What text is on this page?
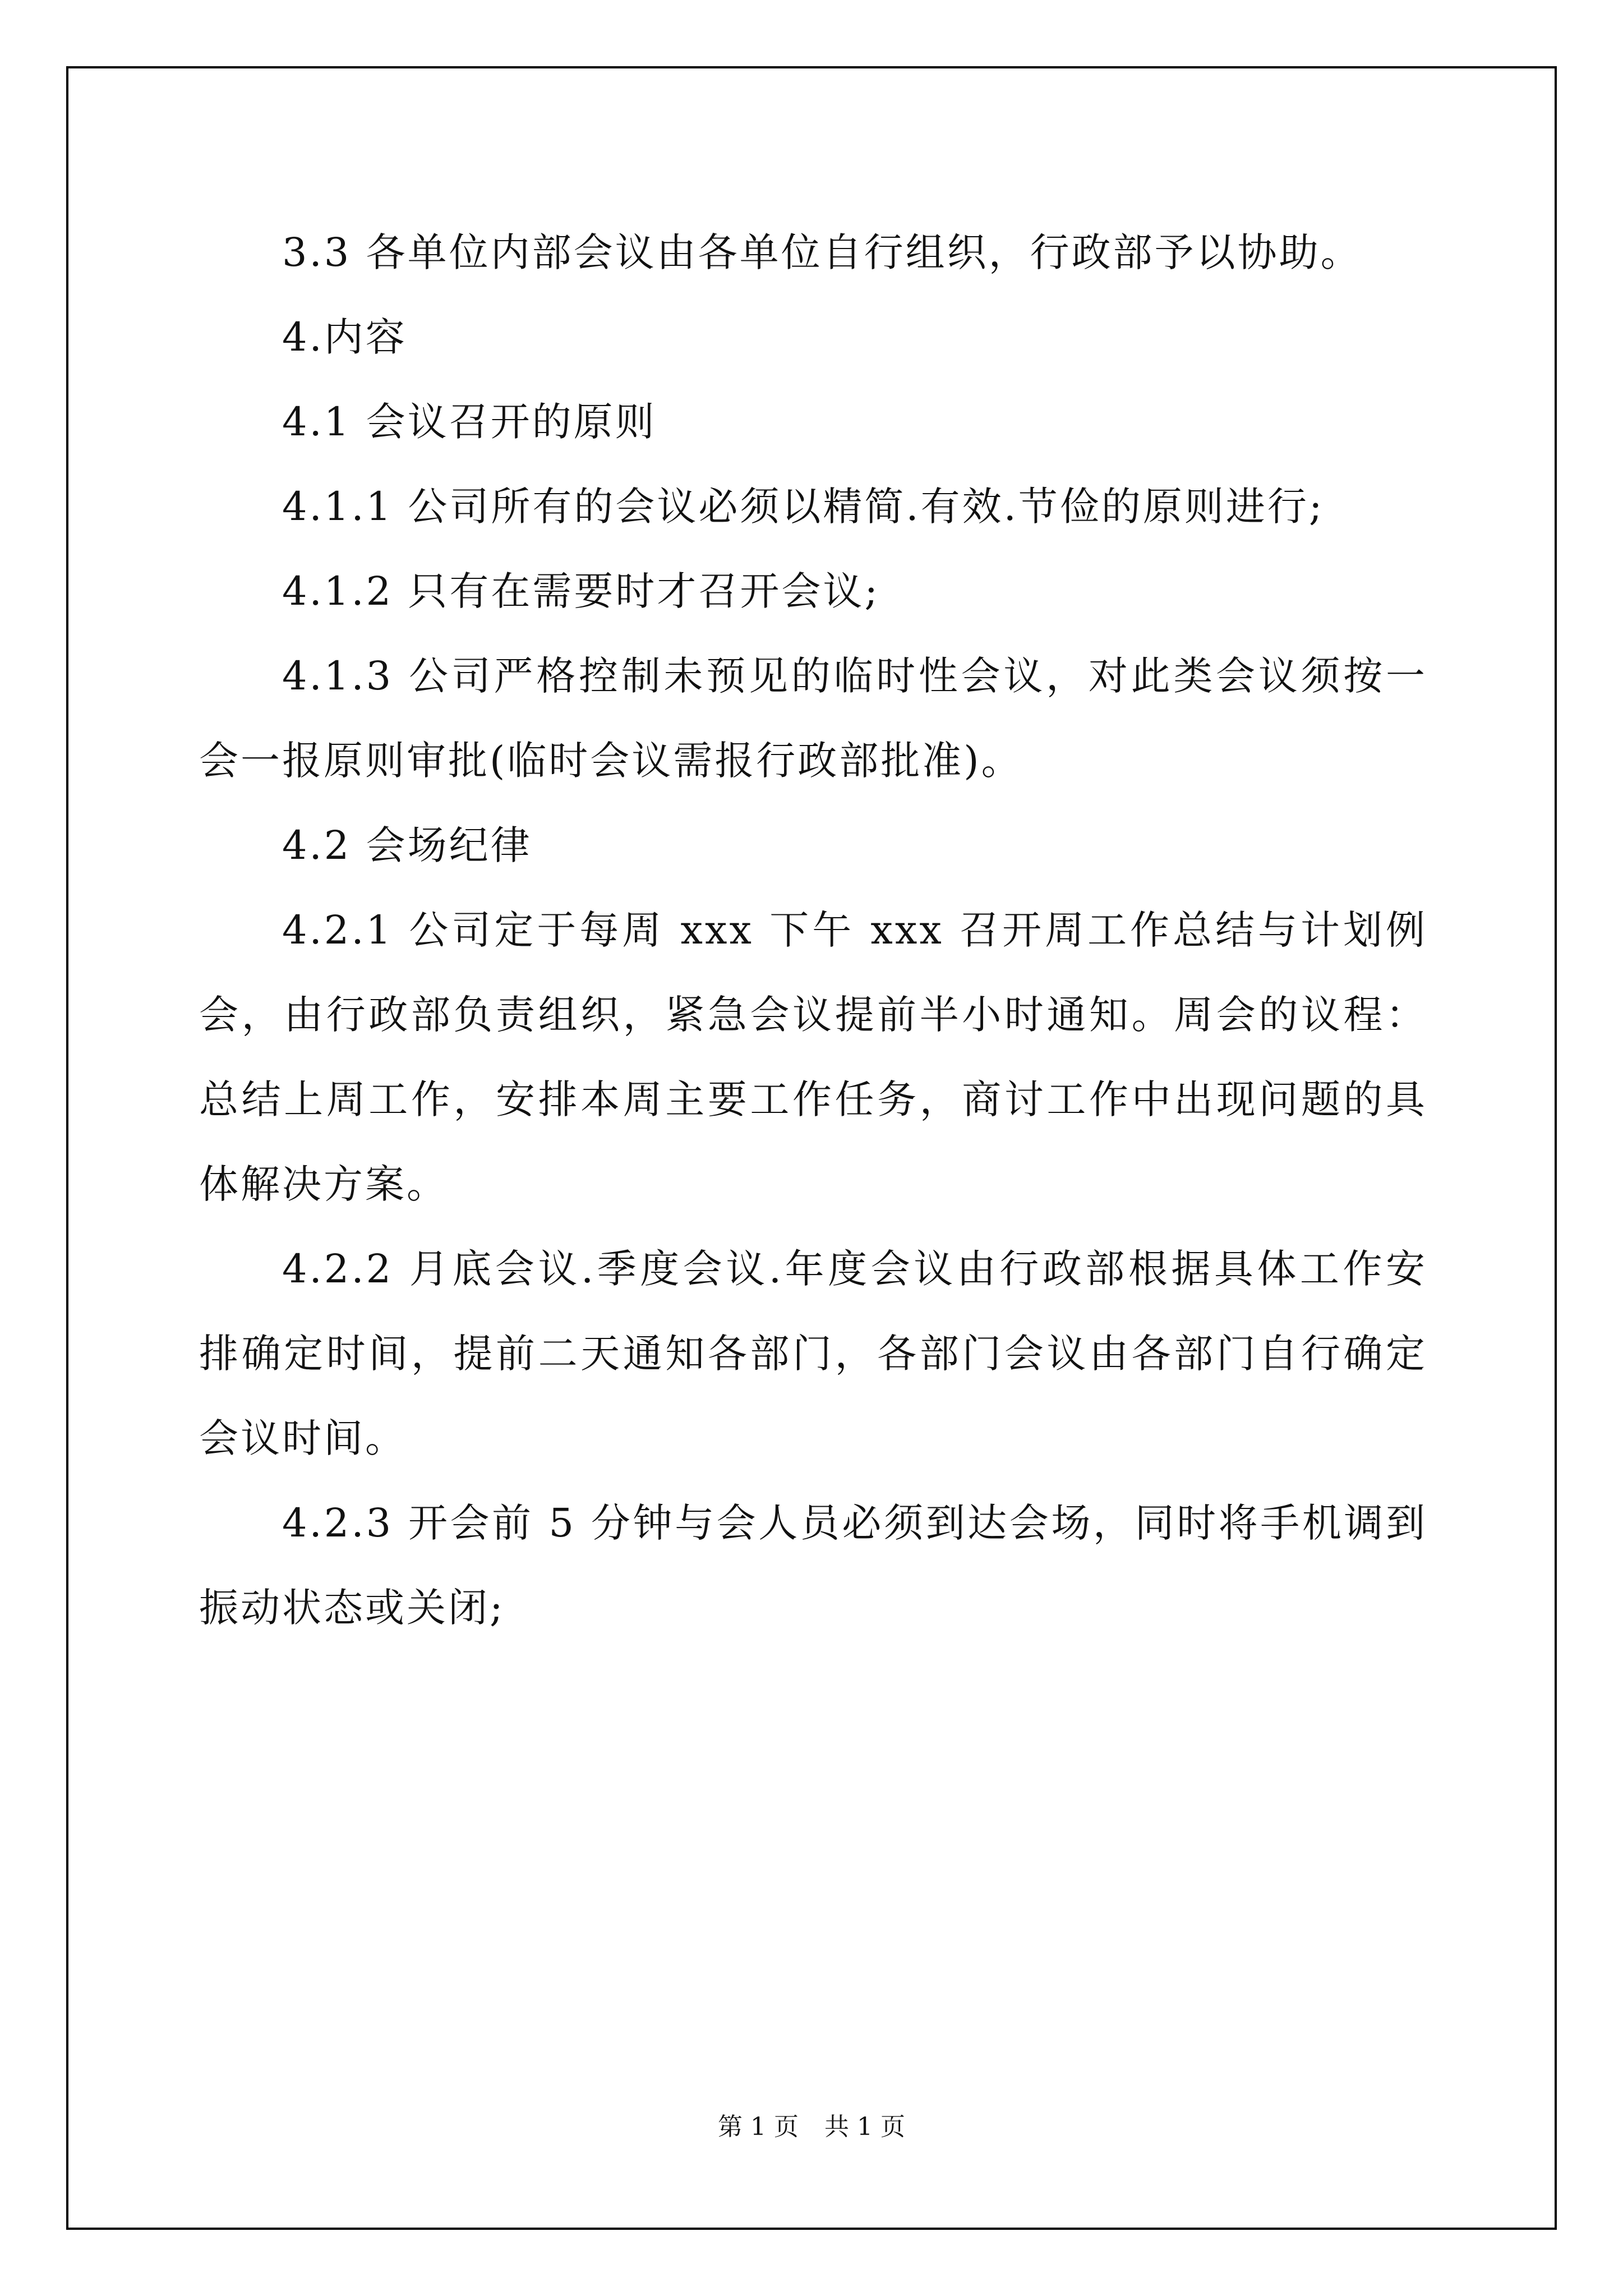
3.3 各单位内部会议由各单位自行组织，行政部予以协助。

4.内容

4.1 会议召开的原则

4.1.1 公司所有的会议必须以精简.有效.节俭的原则进行;

4.1.2 只有在需要时才召开会议;

4.1.3 公司严格控制未预见的临时性会议，对此类会议须按一会一报原则审批(临时会议需报行政部批准)。

4.2 会场纪律

4.2.1 公司定于每周 xxx 下午 xxx 召开周工作总结与计划例会，由行政部负责组织，紧急会议提前半小时通知。周会的议程：总结上周工作，安排本周主要工作任务，商讨工作中出现问题的具体解决方案。

4.2.2 月底会议.季度会议.年度会议由行政部根据具体工作安排确定时间，提前二天通知各部门，各部门会议由各部门自行确定会议时间。

4.2.3 开会前 5 分钟与会人员必须到达会场，同时将手机调到振动状态或关闭;

第 1 页 共 1 页
